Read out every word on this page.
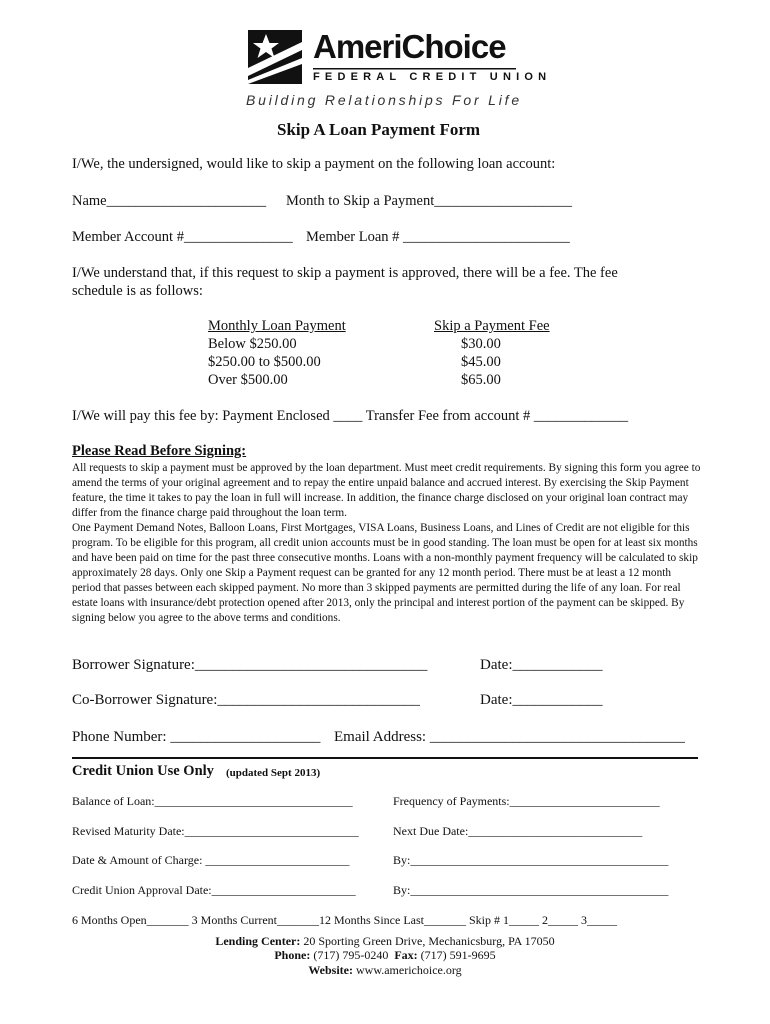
AmeriChoice
FEDERAL CREDIT UNION
Building Relationships For Life
Skip A Loan Payment Form
I/We, the undersigned, would like to skip a payment on the following loan account:
Name______________________ Month to Skip a Payment___________________
Member Account #_______________ Member Loan # _______________________
I/We understand that, if this request to skip a payment is approved, there will be a fee. The fee
schedule is as follows:
Monthly Loan Payment	Skip a Payment Fee
Below $250.00	$30.00
$250.00 to $500.00	$45.00
Over $500.00	$65.00
I/We will pay this fee by: Payment Enclosed ____ Transfer Fee from account # _____________
Please Read Before Signing:

All requests to skip a payment must be approved by the loan department. Must meet credit requirements. By signing this form you agree to amend the terms of your original agreement and to repay the entire unpaid balance and accrued interest. By exercising the Skip Payment feature, the time it takes to pay the loan in full will increase. In addition, the finance charge disclosed on your original loan contract may differ from the finance charge paid throughout the loan term.

One Payment Demand Notes, Balloon Loans, First Mortgages, VISA Loans, Business Loans, and Lines of Credit are not eligible for this program. To be eligible for this program, all credit union accounts must be in good standing. The loan must be open for at least six months and have been paid on time for the past three consecutive months. Loans with a non-monthly payment frequency will be calculated to skip approximately 28 days. Only one Skip a Payment request can be granted for any 12 month period. There must be at least a 12 month period that passes between each skipped payment. No more than 3 skipped payments are permitted during the life of any loan. For real estate loans with insurance/debt protection opened after 2013, only the principal and interest portion of the payment can be skipped. By signing below you agree to the above terms and conditions.

Borrower Signature:_______________________________	Date:____________
Co-Borrower Signature:___________________________	Date:____________
Phone Number: ____________________ Email Address: __________________________________
Credit Union Use Only (updated Sept 2013)
Balance of Loan:_________________________________	Frequency of Payments:_________________________
Revised Maturity Date:_____________________________	Next Due Date:_____________________________
Date & Amount of Charge: ________________________	By:___________________________________________
Credit Union Approval Date:________________________	By:___________________________________________
6 Months Open_______ 3 Months Current_______12 Months Since Last_______ Skip # 1_____ 2_____ 3_____
Lending Center: 20 Sporting Green Drive, Mechanicsburg, PA 17050
Phone: (717) 795-0240 Fax: (717) 591-9695
Website: www.americhoice.org
